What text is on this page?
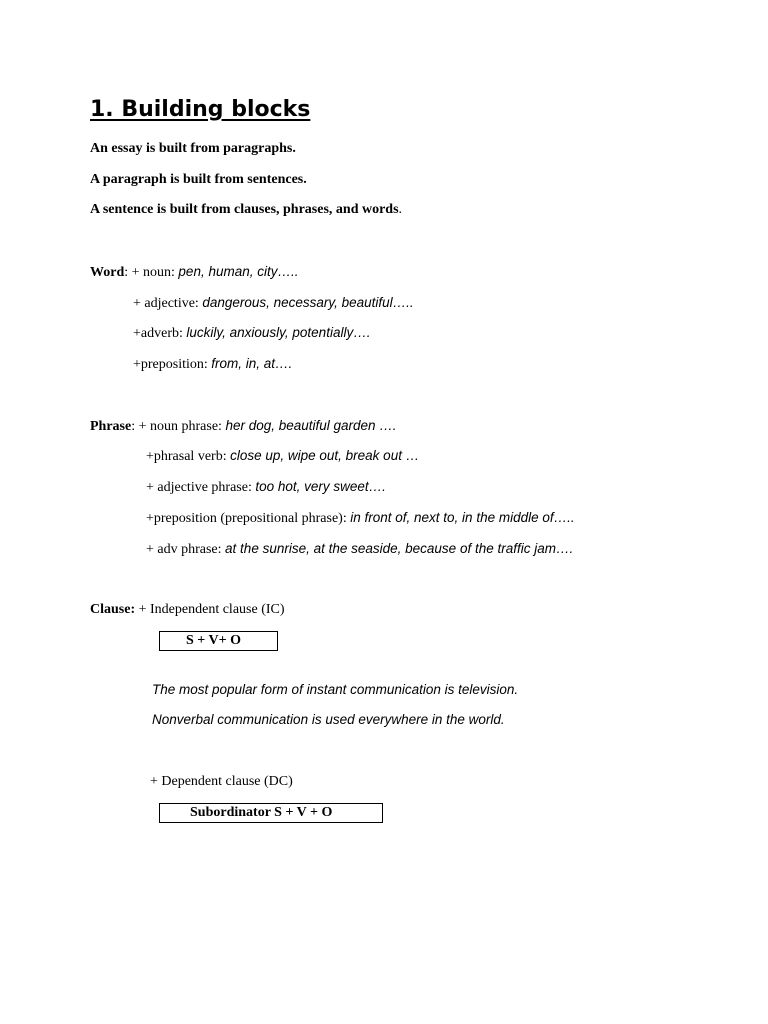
1. Building blocks
An essay is built from paragraphs.
A paragraph is built from sentences.
A sentence is built from clauses, phrases, and words.
Word: + noun: pen, human, city…..
+ adjective: dangerous, necessary, beautiful…..
+adverb: luckily, anxiously, potentially….
+preposition: from, in, at….
Phrase: + noun phrase: her dog, beautiful garden ….
+phrasal verb: close up, wipe out, break out …
+ adjective phrase: too hot, very sweet….
+preposition (prepositional phrase): in front of, next to, in the middle of…..
+ adv phrase: at the sunrise, at the seaside, because of the traffic jam….
Clause: + Independent clause (IC)
S + V+ O
The most popular form of instant communication is television.
Nonverbal communication is used everywhere in the world.
+ Dependent clause (DC)
Subordinator S + V + O
